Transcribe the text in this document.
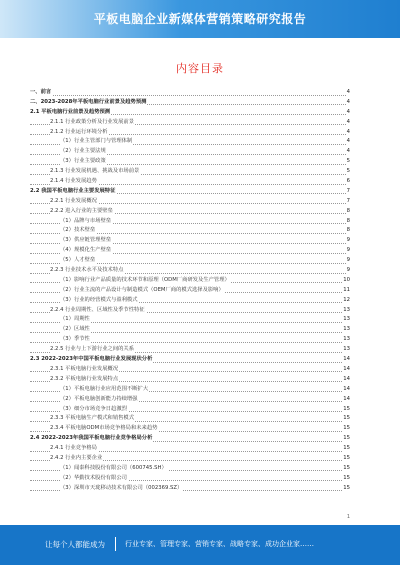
平板电脑企业新媒体营销策略研究报告
内容目录
一、前言	4
二、2023-2028年平板电脑行业前景及趋势预测	4
2.1 平板电脑行业前景及趋势预测	4
2.1.1 行业政策分析及行业发展前景	4
2.1.2 行业运行环境分析	4
（1）行业主管部门与管理体制	4
（2）行业主要法规	4
（3）行业主要政策	5
2.1.3 行业发展机遇、挑战及市场前景	5
2.1.4 行业发展趋势	6
2.2 我国平板电脑行业主要发展特征	7
2.2.1 行业发展概况	7
2.2.2 进入行业的主要壁垒	8
（1）品牌与市场壁垒	8
（2）技术壁垒	8
（3）供应链管理壁垒	9
（4）规模化生产壁垒	9
（5）人才壁垒	9
2.2.3 行业技术水平及技术特点	9
（1）影响行业产品质量的技术环节和原理（ODM厂商研发及生产管理）	10
（2）行业主流的产品设计与制造模式（OEM厂商的模式选择及影响）	11
（3）行业的经营模式与盈利模式	12
2.2.4 行业周期性、区域性及季节性特征	13
（1）周期性	13
（2）区域性	13
（3）季节性	13
2.2.5 行业与上下游行业之间的关系	13
2.3 2022-2023年中国平板电脑行业发展现状分析	14
2.3.1 平板电脑行业发展概况	14
2.3.2 平板电脑行业发展特点	14
（1）平板电脑行业应用范围不断扩大	14
（2）平板电脑创新能力持续增强	14
（3）细分市场竞争日趋激烈	15
2.3.3 平板电脑生产模式和销售模式	15
2.3.4 平板电脑ODM市场竞争格局和未来趋势	15
2.4 2022-2023年我国平板电脑行业竞争格局分析	15
2.4.1 行业竞争格局	15
2.4.2 行业内主要企业	15
（1）闻泰科技股份有限公司（600745.SH）	15
（2）华勤技术股份有限公司	15
（3）深圳市天珑移动技术有限公司（002369.SZ）	15
1
让每个人都能成为	行业专家、管理专家、营销专家、战略专家、成功企业家……
